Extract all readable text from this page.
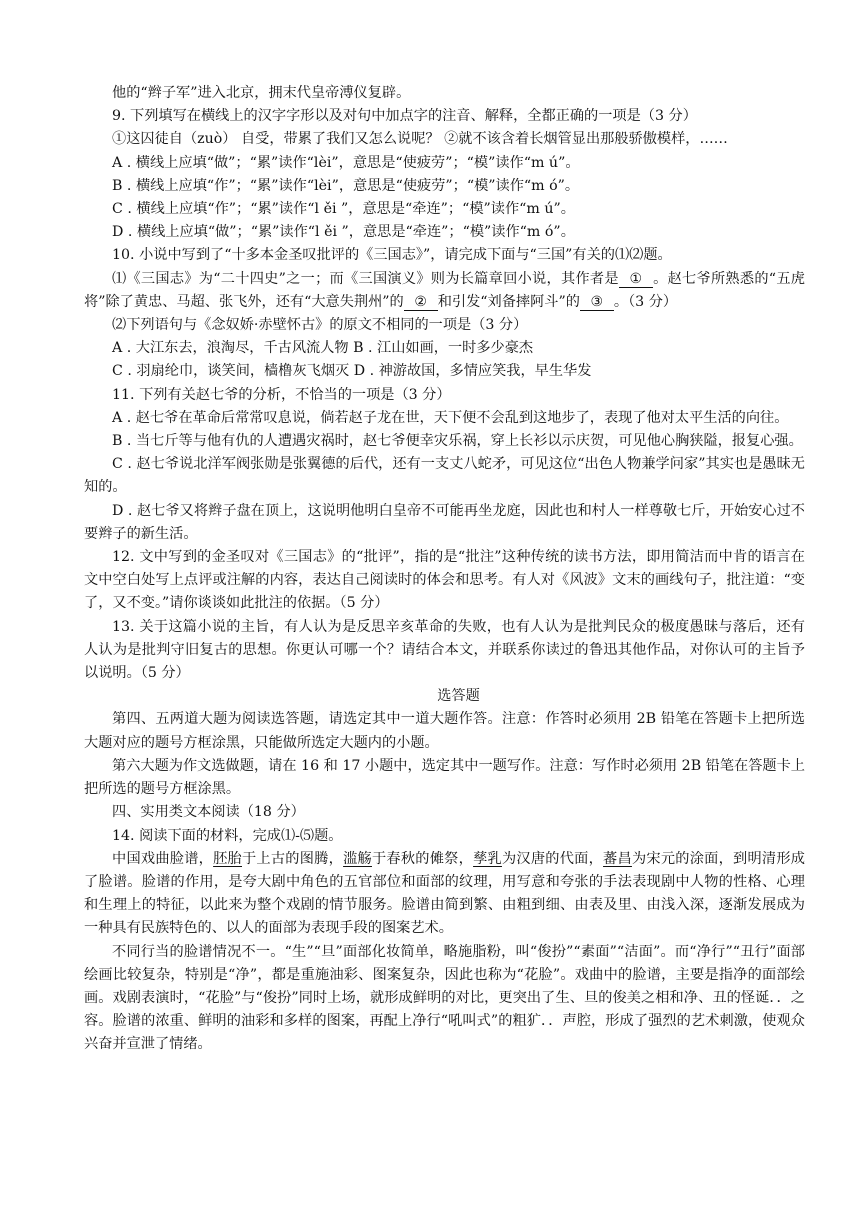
他的“辫子军”进入北京，拥末代皇帝溥仪复辟。

9. 下列填写在横线上的汉字字形以及对句中加点字的注音、解释，全都正确的一项是（3 分）

①这囚徒自（zuò） 自受，带累了我们又怎么说呢？ ②就不该含着长烟管显出那般骄傲模样，……

A . 横线上应填“做”；“累”读作“lèi”，意思是“使疲劳”；“模”读作“m ú”。

B . 横线上应填“作”；“累”读作“lèi”，意思是“使疲劳”；“模”读作“m ó”。

C . 横线上应填“作”；“累”读作“l ěi ”，意思是“牵连”；“模”读作“m ú”。

D . 横线上应填“做”；“累”读作“l ěi ”，意思是“牵连”；“模”读作“m ó”。

10. 小说中写到了“十多本金圣叹批评的《三国志》”，请完成下面与“三国”有关的⑴⑵题。

⑴《三国志》为“二十四史”之一；而《三国演义》则为长篇章回小说，其作者是 ① 。赵七爷所熟悉的“五虎将”除了黄忠、马超、张飞外，还有“大意失荆州”的 ② 和引发“刘备摔阿斗”的 ③ 。（3 分）

⑵下列语句与《念奴娇·赤壁怀古》的原文不相同的一项是（3 分）

A . 大江东去，浪淘尽，千古风流人物 B . 江山如画，一时多少豪杰

C . 羽扇纶巾，谈笑间，樯橹灰飞烟灭 D . 神游故国，多情应笑我，早生华发

11. 下列有关赵七爷的分析，不恰当的一项是（3 分）

A . 赵七爷在革命后常常叹息说，倘若赵子龙在世，天下便不会乱到这地步了，表现了他对太平生活的向往。

B . 当七斤等与他有仇的人遭遇灾祸时，赵七爷便幸灾乐祸，穿上长衫以示庆贺，可见他心胸狭隘，报复心强。

C . 赵七爷说北洋军阀张勋是张翼德的后代，还有一支丈八蛇矛，可见这位“出色人物兼学问家”其实也是愚昧无知的。

D . 赵七爷又将辫子盘在顶上，这说明他明白皇帝不可能再坐龙庭，因此也和村人一样尊敬七斤，开始安心过不要辫子的新生活。

12. 文中写到的金圣叹对《三国志》的“批评”，指的是“批注”这种传统的读书方法，即用简洁而中肯的语言在文中空白处写上点评或注解的内容，表达自己阅读时的体会和思考。有人对《风波》文末的画线句子，批注道：“变了，又不变。”请你谈谈如此批注的依据。（5 分）

13. 关于这篇小说的主旨，有人认为是反思辛亥革命的失败，也有人认为是批判民众的极度愚昧与落后，还有人认为是批判守旧复古的思想。你更认可哪一个？请结合本文，并联系你读过的鲁迅其他作品，对你认可的主旨予以说明。（5 分）

选答题

第四、五两道大题为阅读选答题，请选定其中一道大题作答。注意：作答时必须用 2B 铅笔在答题卡上把所选大题对应的题号方框涂黑，只能做所选定大题内的小题。

第六大题为作文选做题，请在 16 和 17 小题中，选定其中一题写作。注意：写作时必须用 2B 铅笔在答题卡上把所选的题号方框涂黑。

四、实用类文本阅读（18 分）

14. 阅读下面的材料，完成⑴-⑸题。

中国戏曲脸谱，胚胎于上古的图腾，滥觞于春秋的傩祭，孳乳为汉唐的代面，蕃昌为宋元的涂面，到明清形成了脸谱。脸谱的作用，是夸大剧中角色的五官部位和面部的纹理，用写意和夸张的手法表现剧中人物的性格、心理和生理上的特征，以此来为整个戏剧的情节服务。脸谱由简到繁、由粗到细、由表及里、由浅入深，逐渐发展成为一种具有民族特色的、以人的面部为表现手段的图案艺术。

不同行当的脸谱情况不一。“生”“旦”面部化妆简单，略施脂粉，叫“俊扮”“素面”“洁面”。而“净行”“丑行”面部绘画比较复杂，特别是“净”，都是重施油彩、图案复杂，因此也称为“花脸”。戏曲中的脸谱，主要是指净的面部绘画。戏剧表演时，“花脸”与“俊扮”同时上场，就形成鲜明的对比，更突出了生、旦的俊美之相和净、丑的怪诞．．之容。脸谱的浓重、鲜明的油彩和多样的图案，再配上净行“吼叫式”的粗犷．．声腔，形成了强烈的艺术刺激，使观众兴奋并宣泄了情绪。
